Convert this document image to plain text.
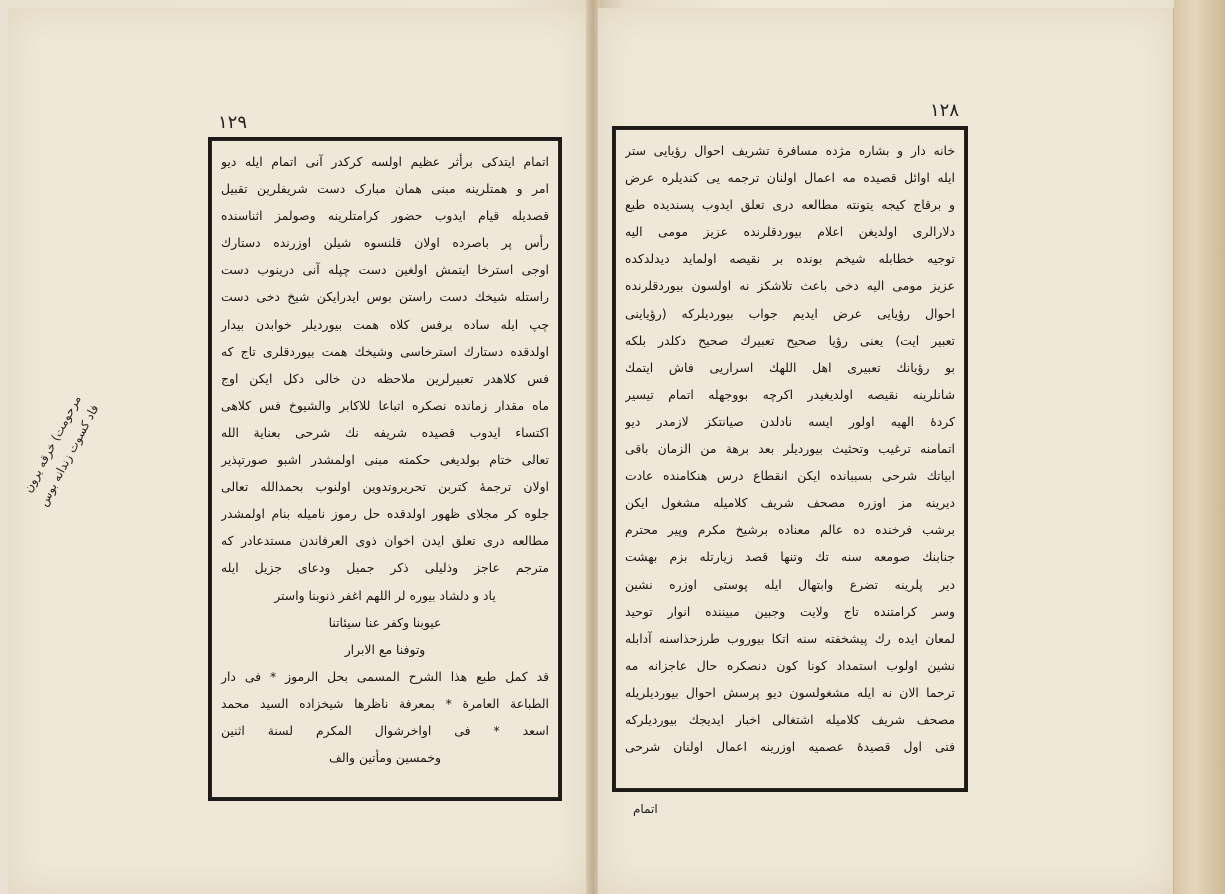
١٢٩
١٢٨
مرحومت) خرقه یرون فاد کسوت زندانه بوس
اتمام ایتدکی برأثر عظیم اولسه کرکدر آنی اتمام ایله دیو
امر و همتلرینه مبنی همان مبارک دست شریفلرین تقبیل
قصدیله قیام ایدوب حضور کرامتلرینه وصولمز اثناسنده
رأس پر باصرده اولان قلنسوه شیلن اوزرنده دستارك
اوجی استرخا ایتمش اولغین دست چپله آنی درینوب دست
راستله شیخك دست راستن بوس ایدرایکن شیخ دخی دست
چپ ایله ساده برفس کلاه همت بیوردیلر خوابدن بیدار
اولدقده دستارك استرخاسی وشیخك همت بیوردقلری تاج که
فس کلاهدر تعبیرلرین ملاحظه دن خالی دکل ایکن اوج
ماه مقدار زمانده نصکره اتباعا للاکابر والشیوخ فس کلاهی
اکتساء ایدوب قصیده شریفه نك شرحی بعنایة الله
تعالی ختام بولدیغی حکمته مبنی اولمشدر اشبو صورتپذیر
اولان ترجمهٔ کتربن تحریروتدوین اولنوب بحمدالله تعالی
جلوه کر مجلای ظهور اولدقده حل رموز نامیله بنام اولمشدر
مطالعه دری تعلق ایدن اخوان ذوی العرفاندن مستدعادر که
مترجم عاجز وذلیلی ذکر جمیل ودعای جزیل ایله
یاد و دلشاد بیوره لر اللهم اغفر ذنوبنا واستر
عیوبنا وکفر عنا سیئاتنا
وتوفنا مع الابرار
قد کمل طبع هذا الشرح المسمی بحل الرموز * فی دار
الطباعة العامرة * بمعرفة ناظرها شیخزاده السید محمد
اسعد * فی اواخرشوال المکرم لسنة اثنین
وخمسین ومأتین والف
خانه دار و بشاره مژده مسافرة تشریف احوال رؤیایی ستر
ایله اوائل قصیده مه اعمال اولنان ترجمه یی کندیلره عرض
و برقاج کیجه یتونته مطالعه دری تعلق ایدوب پسندیده طبع
دلارالری اولدیغن اعلام بیوردقلرنده عزیز مومی الیه
توجیه خطابله شیخم بونده بر نقیصه اولماید دیدلدکده
عزیز مومی الیه دخی باعث تلاشکز نه اولسون بیوردقلرنده
احوال رؤیایی عرض ایدیم جواب بیوردیلرکه (رؤیاینی
تعبیر ایت) یعنی رؤیا صحیح تعبیرك صحیح دکلدر بلکه
بو رؤیانك تعبیری اهل اللهك اسراریی فاش ایتمك
شانلرینه نقیصه اولدیغیدر اکرچه بووجهله اتمام تیسیر
کردهٔ الهیه اولور ایسه نادلدن صیانتکز لازمدر دیو
اتمامنه ترغیب وتحثیث بیوردیلر بعد برهة من الزمان باقی
ابیاتك شرحی بسببانده ایکن انقطاع درس هنکامنده عادت
دیرینه مز اوزره مصحف شریف کلامیله مشغول ایکن
برشب فرخنده ده عالم معناده برشیخ مکرم وپیر محترم
جنابنك صومعه سنه تك وتنها قصد زیارتله بزم بهشت
دیر پلرینه تضرع وابتهال ایله پوستی اوزره نشین
وسر کرامتنده تاج ولایت وجبین مبیننده انوار توحید
لمعان ایده رك پیشخفته سنه اتکا بیوروب طرزحذاسنه آدابله
نشین اولوب استمداد کونا کون دنصکره حال عاجزانه مه
ترحما الان نه ایله مشغولسون دیو پرسش احوال بیوردیلریله
مصحف شریف کلامیله اشتغالی اخبار ایدیجك بیوردیلرکه
فتی اول قصیدهٔ عصمیه اوزرینه اعمال اولنان شرحی
اتمام
